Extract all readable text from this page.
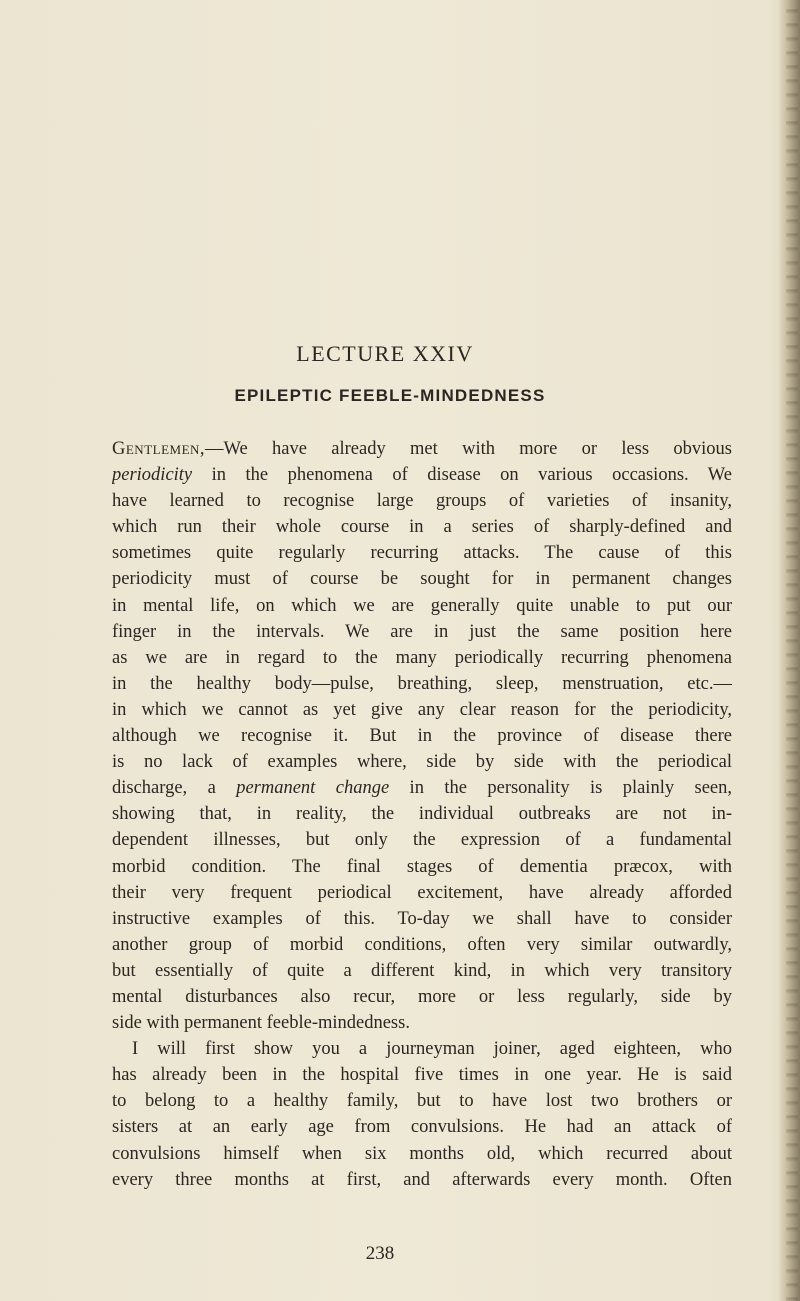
LECTURE XXIV
EPILEPTIC FEEBLE-MINDEDNESS
Gentlemen,—We have already met with more or less obvious
periodicity in the phenomena of disease on various occasions. We
have learned to recognise large groups of varieties of insanity,
which run their whole course in a series of sharply-defined and
sometimes quite regularly recurring attacks. The cause of this
periodicity must of course be sought for in permanent changes
in mental life, on which we are generally quite unable to put our
finger in the intervals. We are in just the same position here
as we are in regard to the many periodically recurring phenomena
in the healthy body—pulse, breathing, sleep, menstruation, etc.—
in which we cannot as yet give any clear reason for the periodicity,
although we recognise it. But in the province of disease there
is no lack of examples where, side by side with the periodical
discharge, a permanent change in the personality is plainly seen,
showing that, in reality, the individual outbreaks are not in-
dependent illnesses, but only the expression of a fundamental
morbid condition. The final stages of dementia præcox, with
their very frequent periodical excitement, have already afforded
instructive examples of this. To-day we shall have to consider
another group of morbid conditions, often very similar outwardly,
but essentially of quite a different kind, in which very transitory
mental disturbances also recur, more or less regularly, side by
side with permanent feeble-mindedness.
I will first show you a journeyman joiner, aged eighteen, who
has already been in the hospital five times in one year. He is said
to belong to a healthy family, but to have lost two brothers or
sisters at an early age from convulsions. He had an attack of
convulsions himself when six months old, which recurred about
every three months at first, and afterwards every month. Often
238
